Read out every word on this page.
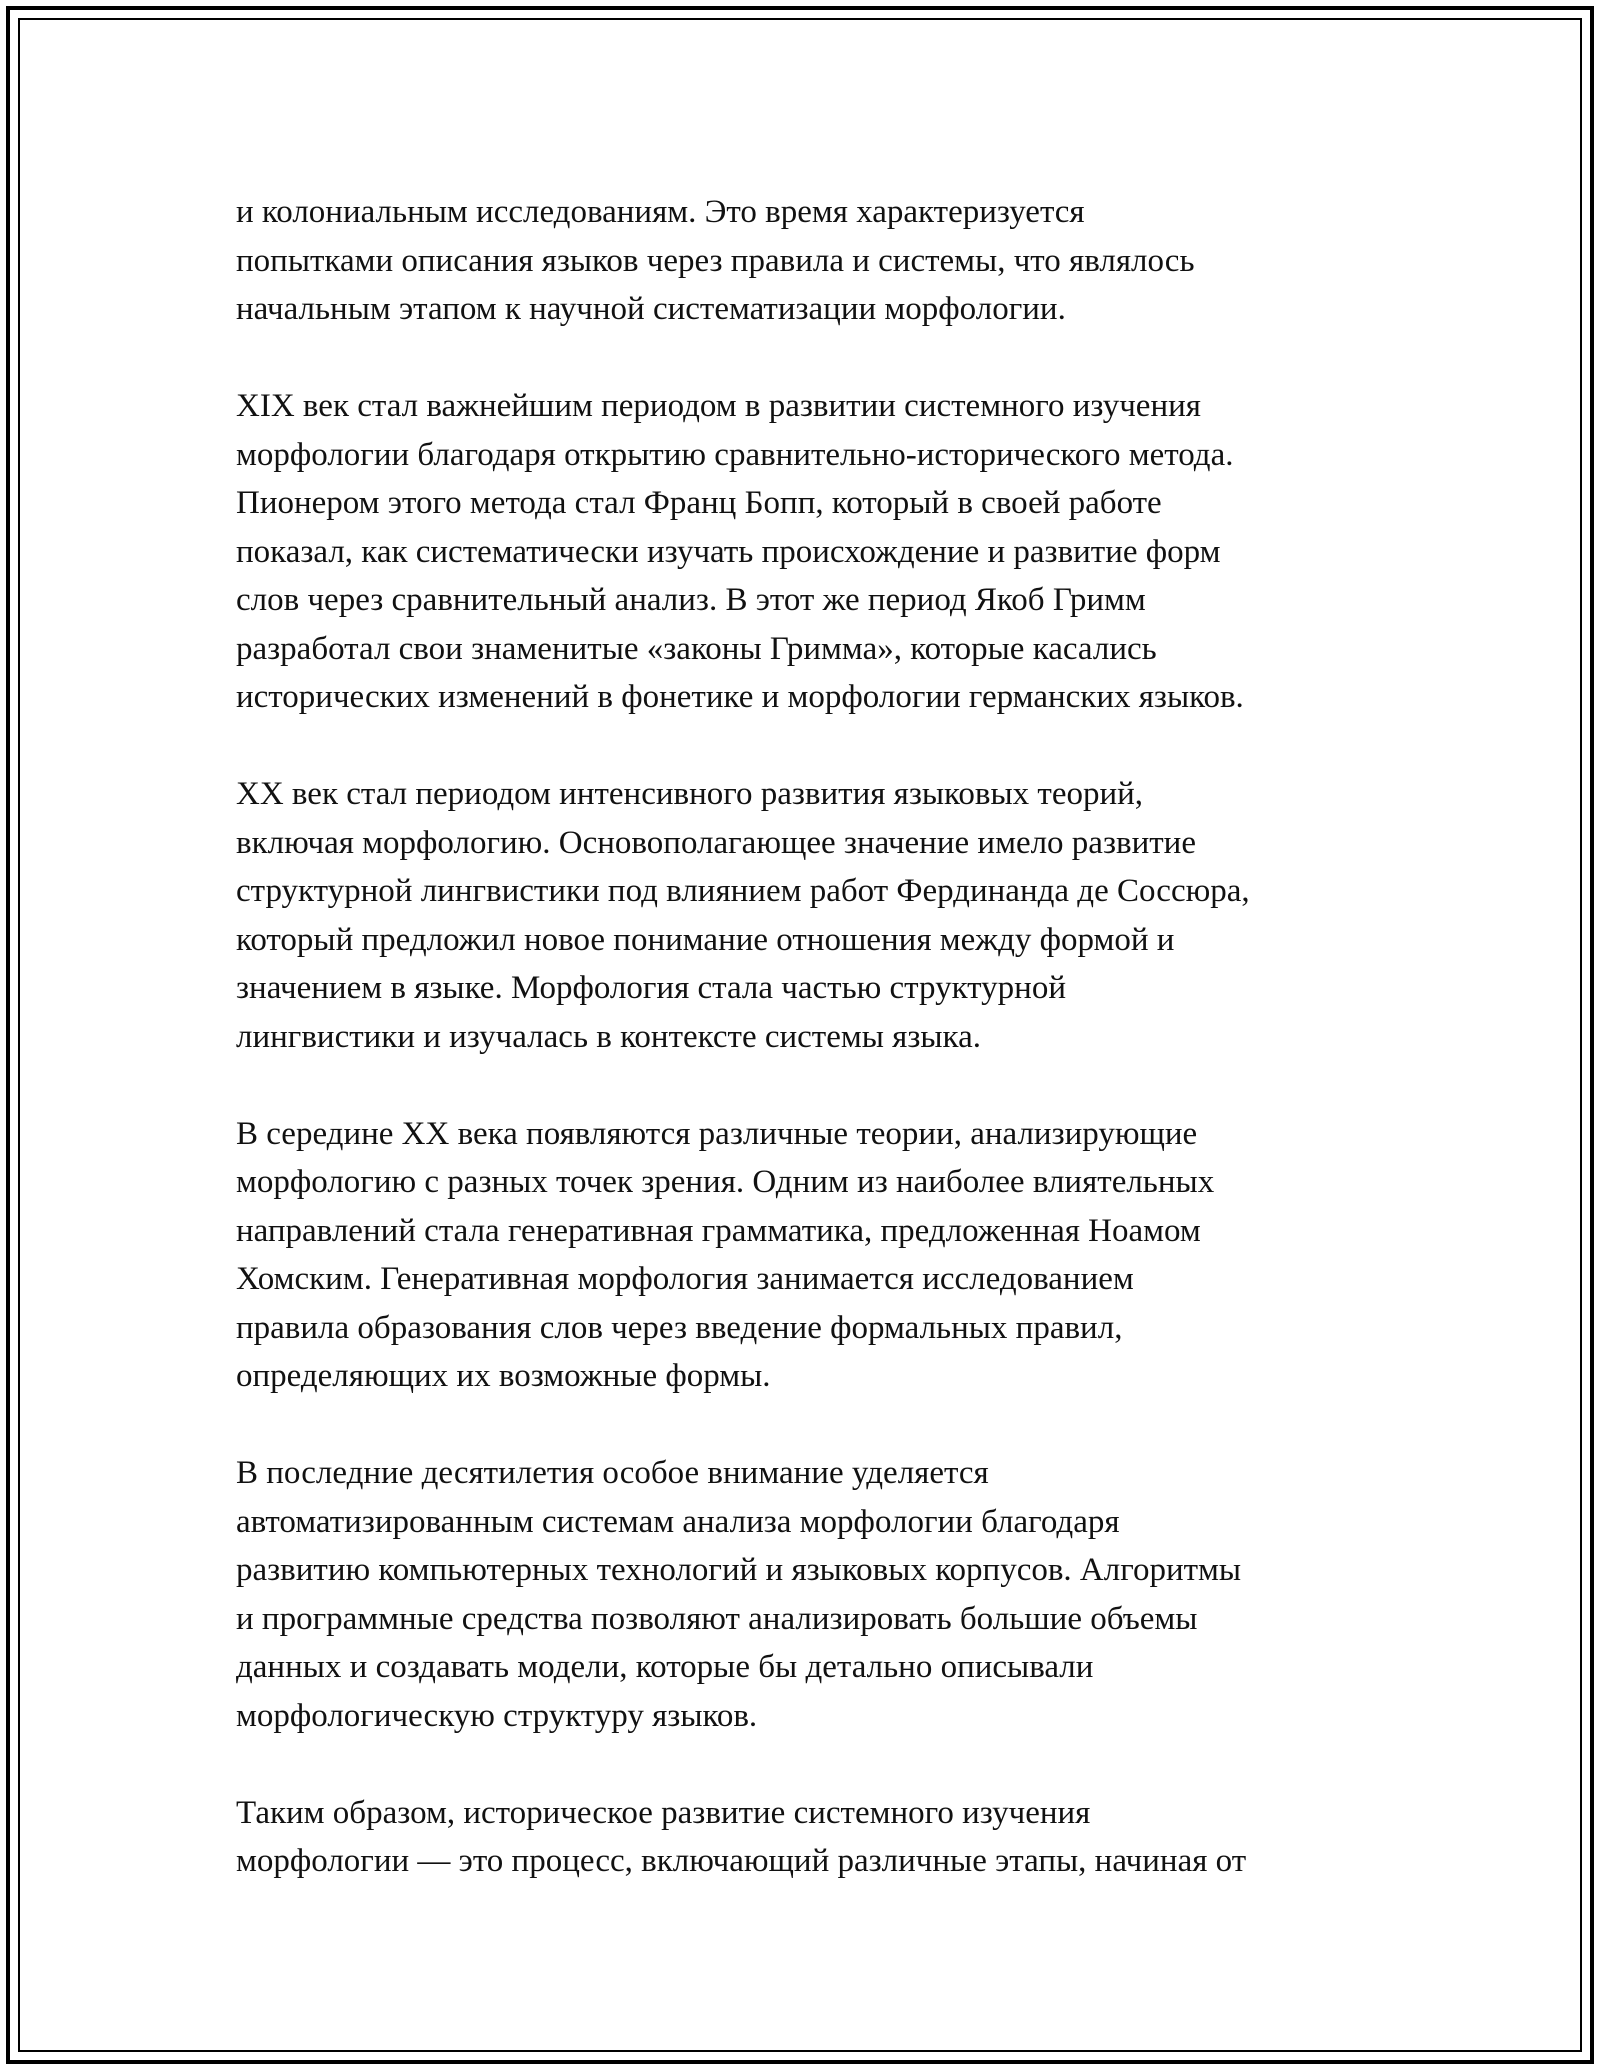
и колониальным исследованиям. Это время характеризуется
попытками описания языков через правила и системы, что являлось
начальным этапом к научной систематизации морфологии.

XIX век стал важнейшим периодом в развитии системного изучения
морфологии благодаря открытию сравнительно-исторического метода.
Пионером этого метода стал Франц Бопп, который в своей работе
показал, как систематически изучать происхождение и развитие форм
слов через сравнительный анализ. В этот же период Якоб Гримм
разработал свои знаменитые «законы Гримма», которые касались
исторических изменений в фонетике и морфологии германских языков.

XX век стал периодом интенсивного развития языковых теорий,
включая морфологию. Основополагающее значение имело развитие
структурной лингвистики под влиянием работ Фердинанда де Соссюра,
который предложил новое понимание отношения между формой и
значением в языке. Морфология стала частью структурной
лингвистики и изучалась в контексте системы языка.

В середине XX века появляются различные теории, анализирующие
морфологию с разных точек зрения. Одним из наиболее влиятельных
направлений стала генеративная грамматика, предложенная Ноамом
Хомским. Генеративная морфология занимается исследованием
правила образования слов через введение формальных правил,
определяющих их возможные формы.

В последние десятилетия особое внимание уделяется
автоматизированным системам анализа морфологии благодаря
развитию компьютерных технологий и языковых корпусов. Алгоритмы
и программные средства позволяют анализировать большие объемы
данных и создавать модели, которые бы детально описывали
морфологическую структуру языков.

Таким образом, историческое развитие системного изучения
морфологии — это процесс, включающий различные этапы, начиная от
